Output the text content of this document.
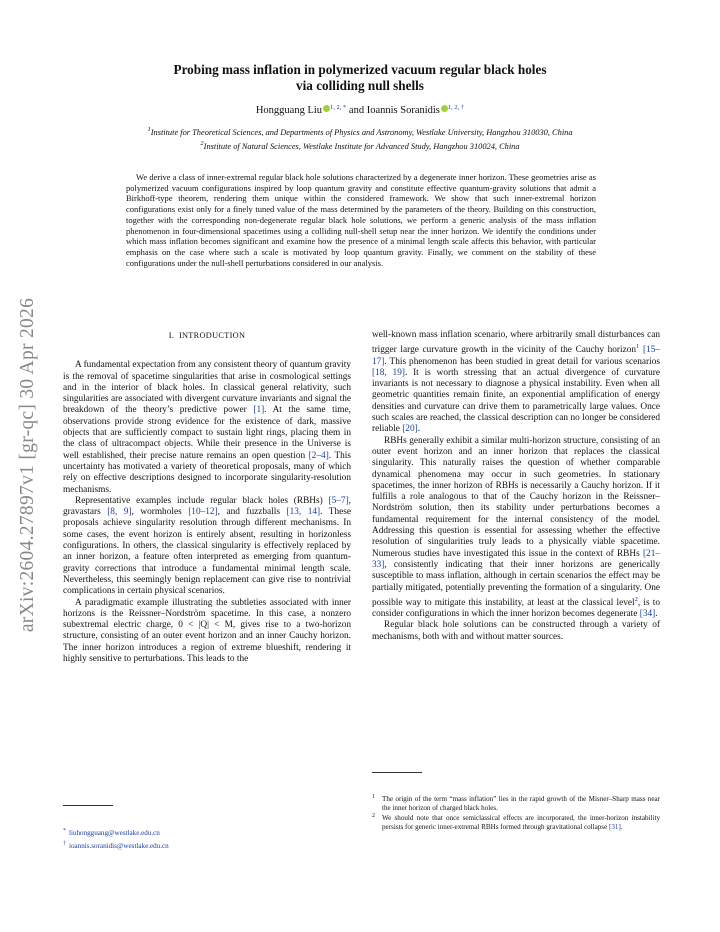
arXiv:2604.27897v1 [gr-qc] 30 Apr 2026
Probing mass inflation in polymerized vacuum regular black holes
via colliding null shells
Hongguang Liu $^{1, 2, *}$ and Ioannis Soranidis $^{1, 2, \dagger}$
$^1$Institute for Theoretical Sciences, and Departments of Physics and Astronomy, Westlake University, Hangzhou 310030, China
$^2$Institute of Natural Sciences, Westlake Institute for Advanced Study, Hangzhou 310024, China

We derive a class of inner-extremal regular black hole solutions characterized by a degenerate inner horizon. These geometries arise as polymerized vacuum configurations inspired by loop quantum gravity and constitute effective quantum-gravity solutions that admit a Birkhoff-type theorem, rendering them unique within the considered framework. We show that such inner-extremal horizon configurations exist only for a finely tuned value of the mass determined by the parameters of the theory. Building on this construction, together with the corresponding non-degenerate regular black hole solutions, we perform a generic analysis of the mass inflation phenomenon in four-dimensional spacetimes using a colliding null-shell setup near the inner horizon. We identify the conditions under which mass inflation becomes significant and examine how the presence of a minimal length scale affects this behavior, with particular emphasis on the case where such a scale is motivated by loop quantum gravity. Finally, we comment on the stability of these configurations under the null-shell perturbations considered in our analysis.

I. INTRODUCTION

A fundamental expectation from any consistent theory of quantum gravity is the removal of spacetime singularities that arise in cosmological settings and in the interior of black holes. In classical general relativity, such singularities are associated with divergent curvature invariants and signal the breakdown of the theory’s predictive power [1]. At the same time, observations provide strong evidence for the existence of dark, massive objects that are sufficiently compact to sustain light rings, placing them in the class of ultracompact objects. While their presence in the Universe is well established, their precise nature remains an open question [2–4]. This uncertainty has motivated a variety of theoretical proposals, many of which rely on effective descriptions designed to incorporate singularity-resolution mechanisms.

Representative examples include regular black holes (RBHs) [5–7], gravastars [8, 9], wormholes [10–12], and fuzzballs [13, 14]. These proposals achieve singularity resolution through different mechanisms. In some cases, the event horizon is entirely absent, resulting in horizonless configurations. In others, the classical singularity is effectively replaced by an inner horizon, a feature often interpreted as emerging from quantum-gravity corrections that introduce a fundamental minimal length scale. Nevertheless, this seemingly benign replacement can give rise to nontrivial complications in certain physical scenarios.

A paradigmatic example illustrating the subtleties associated with inner horizons is the Reissner–Nordström spacetime. In this case, a nonzero subextremal electric charge, 0 < |Q| < M, gives rise to a two-horizon structure, consisting of an outer event horizon and an inner Cauchy horizon. The inner horizon introduces a region of extreme blueshift, rendering it highly sensitive to perturbations. This leads to the

well-known mass inflation scenario, where arbitrarily small disturbances can trigger large curvature growth in the vicinity of the Cauchy horizon$^1$ [15–17]. This phenomenon has been studied in great detail for various scenarios [18, 19]. It is worth stressing that an actual divergence of curvature invariants is not necessary to diagnose a physical instability. Even when all geometric quantities remain finite, an exponential amplification of energy densities and curvature can drive them to parametrically large values. Once such scales are reached, the classical description can no longer be considered reliable [20].

RBHs generally exhibit a similar multi-horizon structure, consisting of an outer event horizon and an inner horizon that replaces the classical singularity. This naturally raises the question of whether comparable dynamical phenomena may occur in such geometries. In stationary spacetimes, the inner horizon of RBHs is necessarily a Cauchy horizon. If it fulfills a role analogous to that of the Cauchy horizon in the Reissner–Nordström solution, then its stability under perturbations becomes a fundamental requirement for the internal consistency of the model. Addressing this question is essential for assessing whether the effective resolution of singularities truly leads to a physically viable spacetime. Numerous studies have investigated this issue in the context of RBHs [21–33], consistently indicating that their inner horizons are generically susceptible to mass inflation, although in certain scenarios the effect may be partially mitigated, potentially preventing the formation of a singularity. One possible way to mitigate this instability, at least at the classical level$^2$, is to consider configurations in which the inner horizon becomes degenerate [34].

Regular black hole solutions can be constructed through a variety of mechanisms, both with and without matter sources.

1 The origin of the term “mass inflation” lies in the rapid growth of the Misner–Sharp mass near the inner horizon of charged black holes.
2 We should note that once semiclassical effects are incorporated, the inner-horizon instability persists for generic inner-extremal RBHs formed through gravitational collapse [31].
* liuhongguang@westlake.edu.cn
† ioannis.soranidis@westlake.edu.cn
